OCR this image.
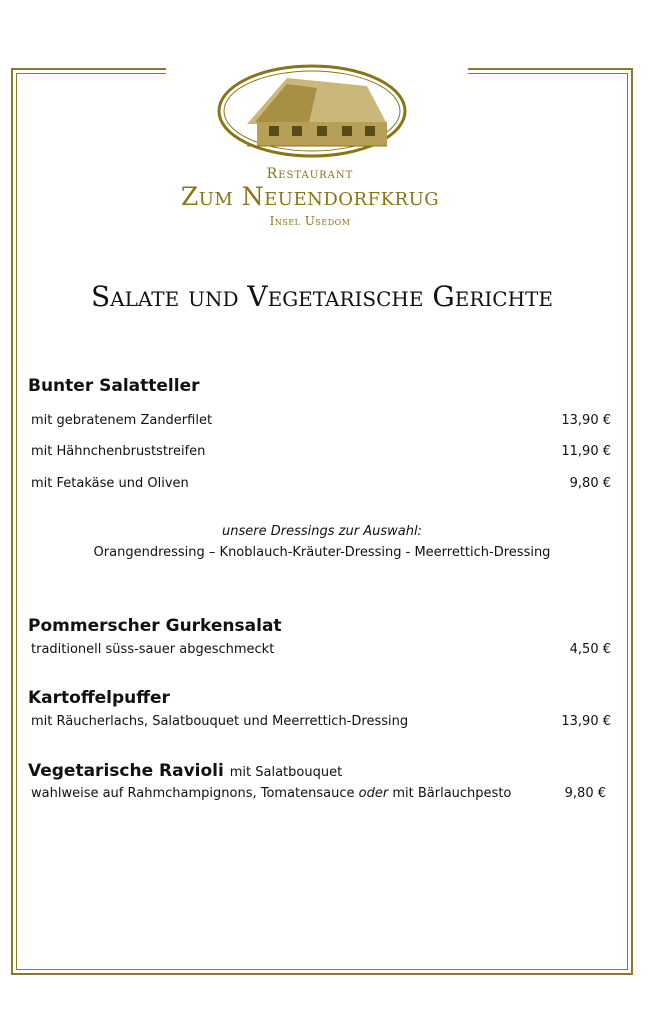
Restaurant
Zum Neuendorfkrug
Insel Usedom
Salate und Vegetarische Gerichte
Bunter Salatteller
mit gebratenem Zanderfilet	13,90 €
mit Hähnchenbruststreifen	11,90 €
mit Fetakäse und Oliven	9,80 €
unsere Dressings zur Auswahl:
Orangendressing – Knoblauch-Kräuter-Dressing - Meerrettich-Dressing
Pommerscher Gurkensalat
traditionell süss-sauer abgeschmeckt	4,50 €
Kartoffelpuffer
mit Räucherlachs, Salatbouquet und Meerrettich-Dressing	13,90 €
Vegetarische Ravioli mit Salatbouquet
wahlweise auf Rahmchampignons, Tomatensauce oder mit Bärlauchpesto	9,80 €
